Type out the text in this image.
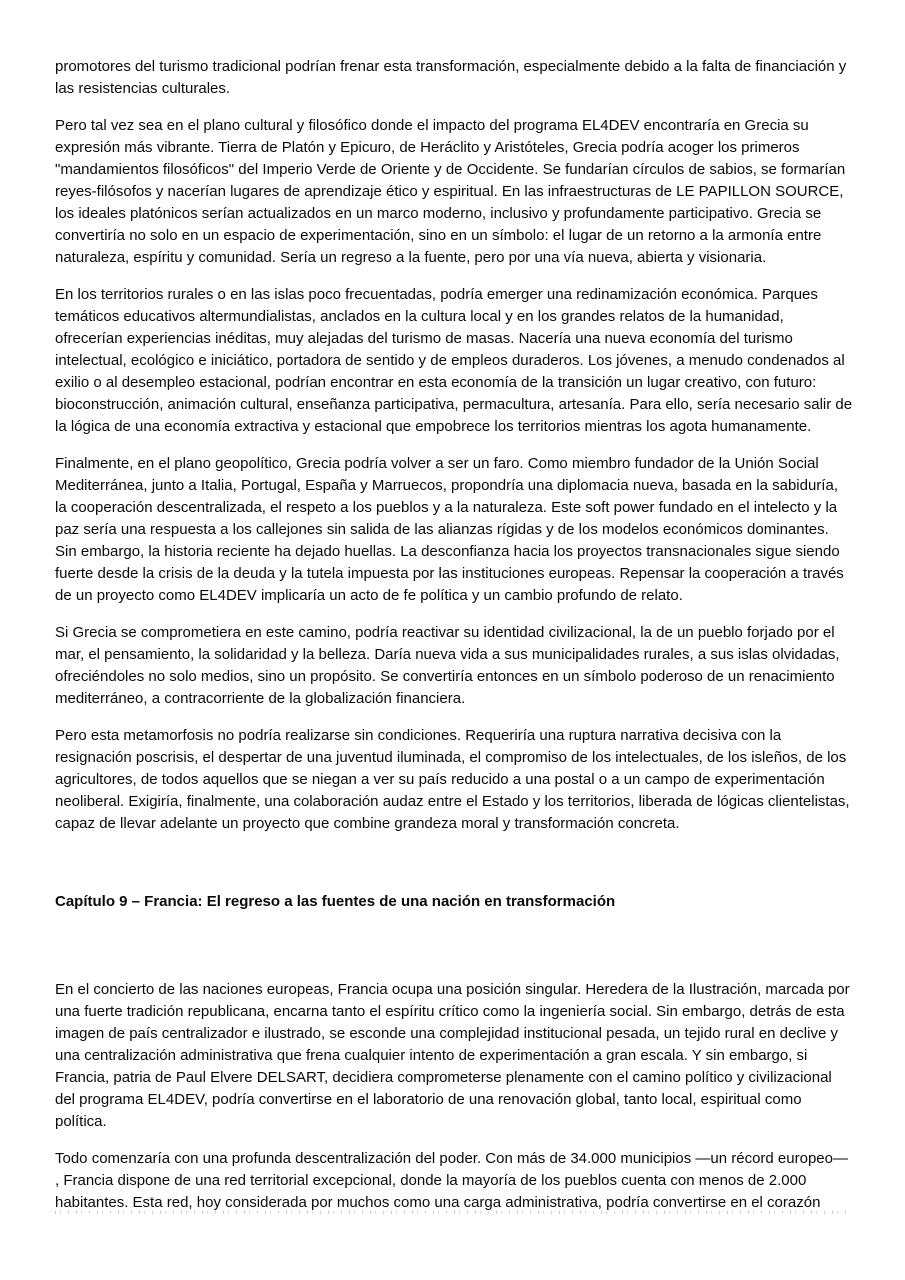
promotores del turismo tradicional podrían frenar esta transformación, especialmente debido a la falta de financiación y
las resistencias culturales.

Pero tal vez sea en el plano cultural y filosófico donde el impacto del programa EL4DEV encontraría en Grecia su
expresión más vibrante. Tierra de Platón y Epicuro, de Heráclito y Aristóteles, Grecia podría acoger los primeros
"mandamientos filosóficos" del Imperio Verde de Oriente y de Occidente. Se fundarían círculos de sabios, se formarían
reyes-filósofos y nacerían lugares de aprendizaje ético y espiritual. En las infraestructuras de LE PAPILLON SOURCE,
los ideales platónicos serían actualizados en un marco moderno, inclusivo y profundamente participativo. Grecia se
convertiría no solo en un espacio de experimentación, sino en un símbolo: el lugar de un retorno a la armonía entre
naturaleza, espíritu y comunidad. Sería un regreso a la fuente, pero por una vía nueva, abierta y visionaria.

En los territorios rurales o en las islas poco frecuentadas, podría emerger una redinamización económica. Parques
temáticos educativos altermundialistas, anclados en la cultura local y en los grandes relatos de la humanidad,
ofrecerían experiencias inéditas, muy alejadas del turismo de masas. Nacería una nueva economía del turismo
intelectual, ecológico e iniciático, portadora de sentido y de empleos duraderos. Los jóvenes, a menudo condenados al
exilio o al desempleo estacional, podrían encontrar en esta economía de la transición un lugar creativo, con futuro:
bioconstrucción, animación cultural, enseñanza participativa, permacultura, artesanía. Para ello, sería necesario salir de
la lógica de una economía extractiva y estacional que empobrece los territorios mientras los agota humanamente.

Finalmente, en el plano geopolítico, Grecia podría volver a ser un faro. Como miembro fundador de la Unión Social
Mediterránea, junto a Italia, Portugal, España y Marruecos, propondría una diplomacia nueva, basada en la sabiduría,
la cooperación descentralizada, el respeto a los pueblos y a la naturaleza. Este soft power fundado en el intelecto y la
paz sería una respuesta a los callejones sin salida de las alianzas rígidas y de los modelos económicos dominantes.
Sin embargo, la historia reciente ha dejado huellas. La desconfianza hacia los proyectos transnacionales sigue siendo
fuerte desde la crisis de la deuda y la tutela impuesta por las instituciones europeas. Repensar la cooperación a través
de un proyecto como EL4DEV implicaría un acto de fe política y un cambio profundo de relato.

Si Grecia se comprometiera en este camino, podría reactivar su identidad civilizacional, la de un pueblo forjado por el
mar, el pensamiento, la solidaridad y la belleza. Daría nueva vida a sus municipalidades rurales, a sus islas olvidadas,
ofreciéndoles no solo medios, sino un propósito. Se convertiría entonces en un símbolo poderoso de un renacimiento
mediterráneo, a contracorriente de la globalización financiera.

Pero esta metamorfosis no podría realizarse sin condiciones. Requeriría una ruptura narrativa decisiva con la
resignación poscrisis, el despertar de una juventud iluminada, el compromiso de los intelectuales, de los isleños, de los
agricultores, de todos aquellos que se niegan a ver su país reducido a una postal o a un campo de experimentación
neoliberal. Exigiría, finalmente, una colaboración audaz entre el Estado y los territorios, liberada de lógicas clientelistas,
capaz de llevar adelante un proyecto que combine grandeza moral y transformación concreta.

Capítulo 9 – Francia: El regreso a las fuentes de una nación en transformación

En el concierto de las naciones europeas, Francia ocupa una posición singular. Heredera de la Ilustración, marcada por
una fuerte tradición republicana, encarna tanto el espíritu crítico como la ingeniería social. Sin embargo, detrás de esta
imagen de país centralizador e ilustrado, se esconde una complejidad institucional pesada, un tejido rural en declive y
una centralización administrativa que frena cualquier intento de experimentación a gran escala. Y sin embargo, si
Francia, patria de Paul Elvere DELSART, decidiera comprometerse plenamente con el camino político y civilizacional
del programa EL4DEV, podría convertirse en el laboratorio de una renovación global, tanto local, espiritual como
política.

Todo comenzaría con una profunda descentralización del poder. Con más de 34.000 municipios —un récord europeo—
, Francia dispone de una red territorial excepcional, donde la mayoría de los pueblos cuenta con menos de 2.000
habitantes. Esta red, hoy considerada por muchos como una carga administrativa, podría convertirse en el corazón
